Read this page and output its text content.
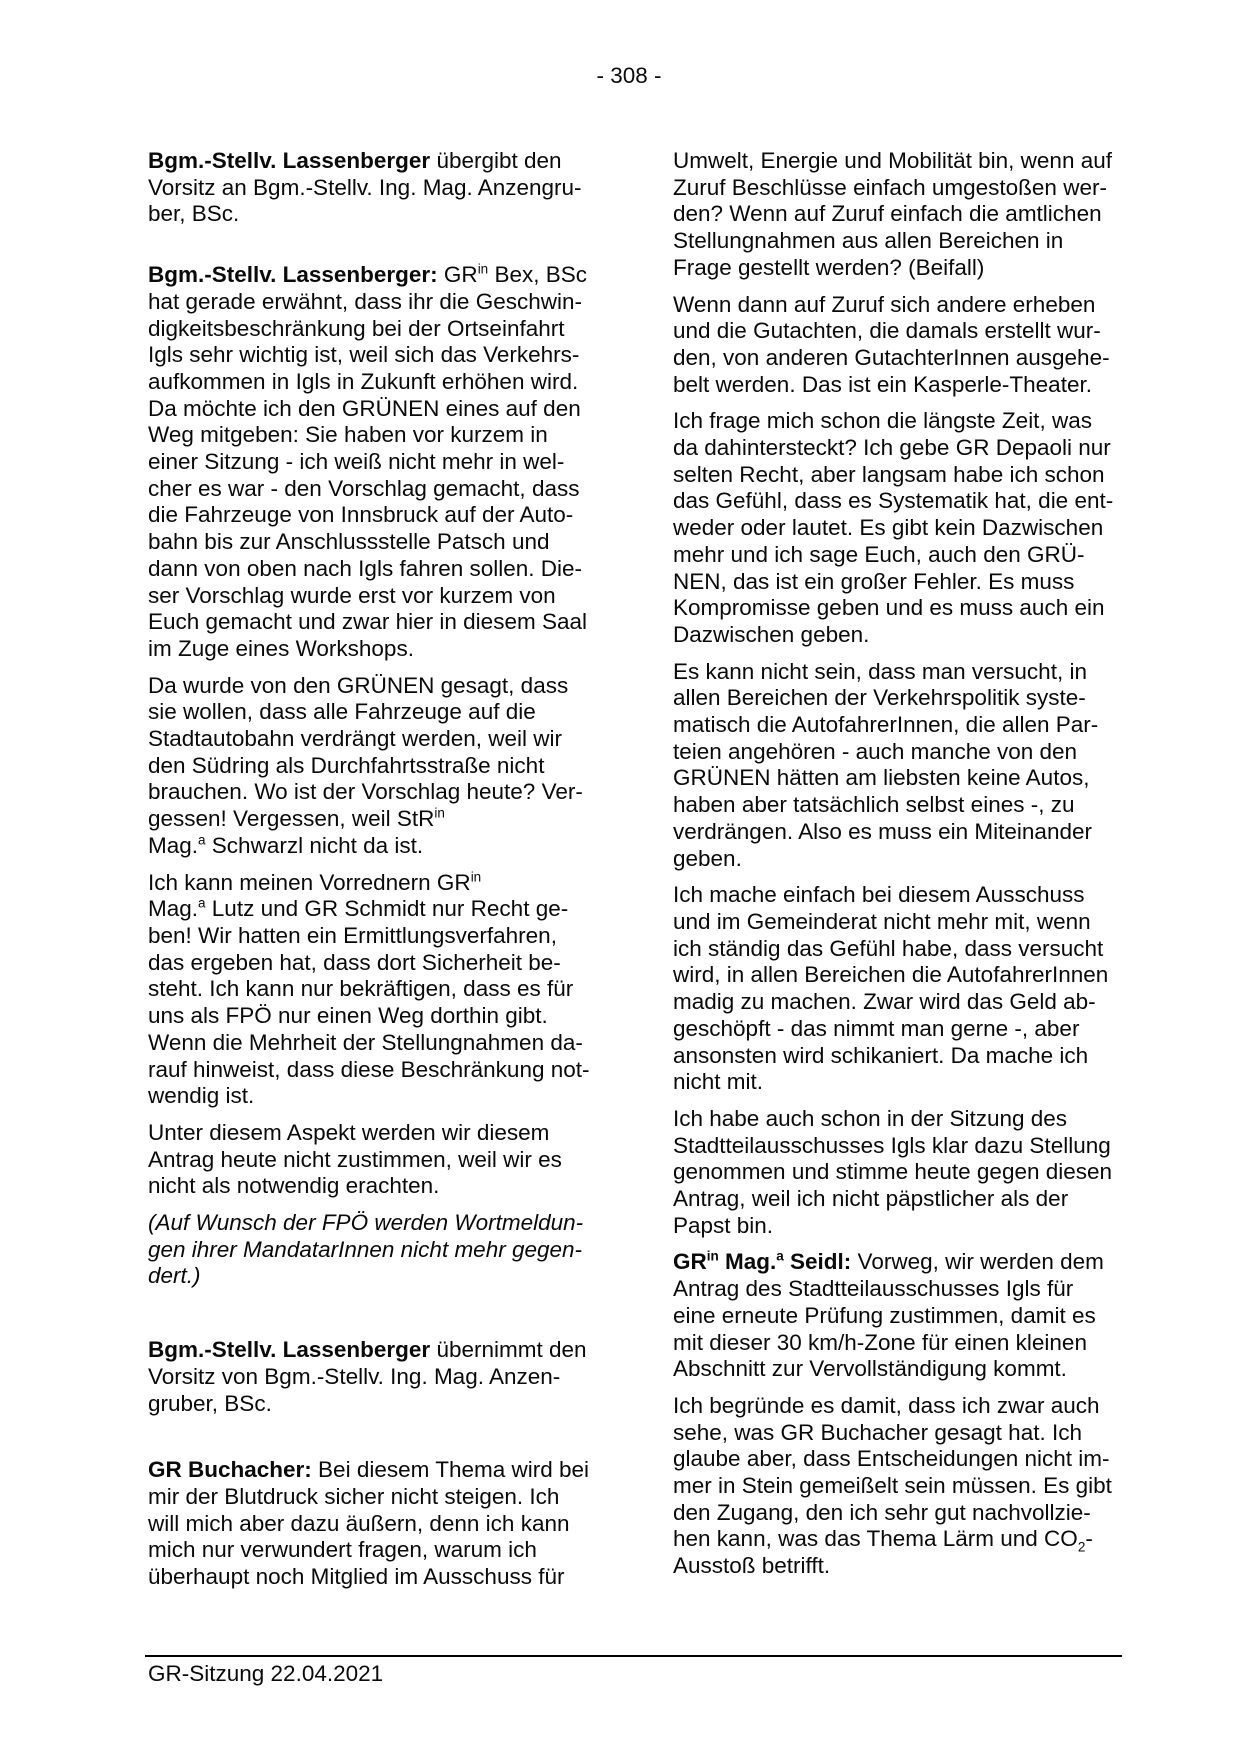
- 308 -

Bgm.-Stellv. Lassenberger übergibt den
Vorsitz an Bgm.-Stellv. Ing. Mag. Anzengru-
ber, BSc.

Bgm.-Stellv. Lassenberger: $GR^{in}$ Bex, BSc
hat gerade erwähnt, dass ihr die Geschwin-
digkeitsbeschränkung bei der Ortseinfahrt
Igls sehr wichtig ist, weil sich das Verkehrs-
aufkommen in Igls in Zukunft erhöhen wird.
Da möchte ich den GRÜNEN eines auf den
Weg mitgeben: Sie haben vor kurzem in
einer Sitzung - ich weiß nicht mehr in wel-
cher es war - den Vorschlag gemacht, dass
die Fahrzeuge von Innsbruck auf der Auto-
bahn bis zur Anschlussstelle Patsch und
dann von oben nach Igls fahren sollen. Die-
ser Vorschlag wurde erst vor kurzem von
Euch gemacht und zwar hier in diesem Saal
im Zuge eines Workshops.

Da wurde von den GRÜNEN gesagt, dass
sie wollen, dass alle Fahrzeuge auf die
Stadtautobahn verdrängt werden, weil wir
den Südring als Durchfahrtsstraße nicht
brauchen. Wo ist der Vorschlag heute? Ver-
gessen! Vergessen, weil StR$^{in}$
Mag.$^a$ Schwarzl nicht da ist.

Ich kann meinen Vorrednern $GR^{in}$
Mag.$^a$ Lutz und GR Schmidt nur Recht ge-
ben! Wir hatten ein Ermittlungsverfahren,
das ergeben hat, dass dort Sicherheit be-
steht. Ich kann nur bekräftigen, dass es für
uns als FPÖ nur einen Weg dorthin gibt.
Wenn die Mehrheit der Stellungnahmen da-
rauf hinweist, dass diese Beschränkung not-
wendig ist.

Unter diesem Aspekt werden wir diesem
Antrag heute nicht zustimmen, weil wir es
nicht als notwendig erachten.

(Auf Wunsch der FPÖ werden Wortmeldun-
gen ihrer MandatarInnen nicht mehr gegen-
dert.)

Bgm.-Stellv. Lassenberger übernimmt den
Vorsitz von Bgm.-Stellv. Ing. Mag. Anzen-
gruber, BSc.

GR Buchacher: Bei diesem Thema wird bei
mir der Blutdruck sicher nicht steigen. Ich
will mich aber dazu äußern, denn ich kann
mich nur verwundert fragen, warum ich
überhaupt noch Mitglied im Ausschuss für

Umwelt, Energie und Mobilität bin, wenn auf
Zuruf Beschlüsse einfach umgestoßen wer-
den? Wenn auf Zuruf einfach die amtlichen
Stellungnahmen aus allen Bereichen in
Frage gestellt werden? (Beifall)

Wenn dann auf Zuruf sich andere erheben
und die Gutachten, die damals erstellt wur-
den, von anderen GutachterInnen ausgehe-
belt werden. Das ist ein Kasperle-Theater.

Ich frage mich schon die längste Zeit, was
da dahintersteckt? Ich gebe GR Depaoli nur
selten Recht, aber langsam habe ich schon
das Gefühl, dass es Systematik hat, die ent-
weder oder lautet. Es gibt kein Dazwischen
mehr und ich sage Euch, auch den GRÜ-
NEN, das ist ein großer Fehler. Es muss
Kompromisse geben und es muss auch ein
Dazwischen geben.

Es kann nicht sein, dass man versucht, in
allen Bereichen der Verkehrspolitik syste-
matisch die AutofahrerInnen, die allen Par-
teien angehören - auch manche von den
GRÜNEN hätten am liebsten keine Autos,
haben aber tatsächlich selbst eines -, zu
verdrängen. Also es muss ein Miteinander
geben.

Ich mache einfach bei diesem Ausschuss
und im Gemeinderat nicht mehr mit, wenn
ich ständig das Gefühl habe, dass versucht
wird, in allen Bereichen die AutofahrerInnen
madig zu machen. Zwar wird das Geld ab-
geschöpft - das nimmt man gerne -, aber
ansonsten wird schikaniert. Da mache ich
nicht mit.

Ich habe auch schon in der Sitzung des
Stadtteilausschusses Igls klar dazu Stellung
genommen und stimme heute gegen diesen
Antrag, weil ich nicht päpstlicher als der
Papst bin.

$GR^{in}$ Mag.$^a$ Seidl: Vorweg, wir werden dem
Antrag des Stadtteilausschusses Igls für
eine erneute Prüfung zustimmen, damit es
mit dieser 30 km/h-Zone für einen kleinen
Abschnitt zur Vervollständigung kommt.

Ich begründe es damit, dass ich zwar auch
sehe, was GR Buchacher gesagt hat. Ich
glaube aber, dass Entscheidungen nicht im-
mer in Stein gemeißelt sein müssen. Es gibt
den Zugang, den ich sehr gut nachvollzie-
hen kann, was das Thema Lärm und $CO_2-$
Ausstoß betrifft.

GR-Sitzung 22.04.2021
